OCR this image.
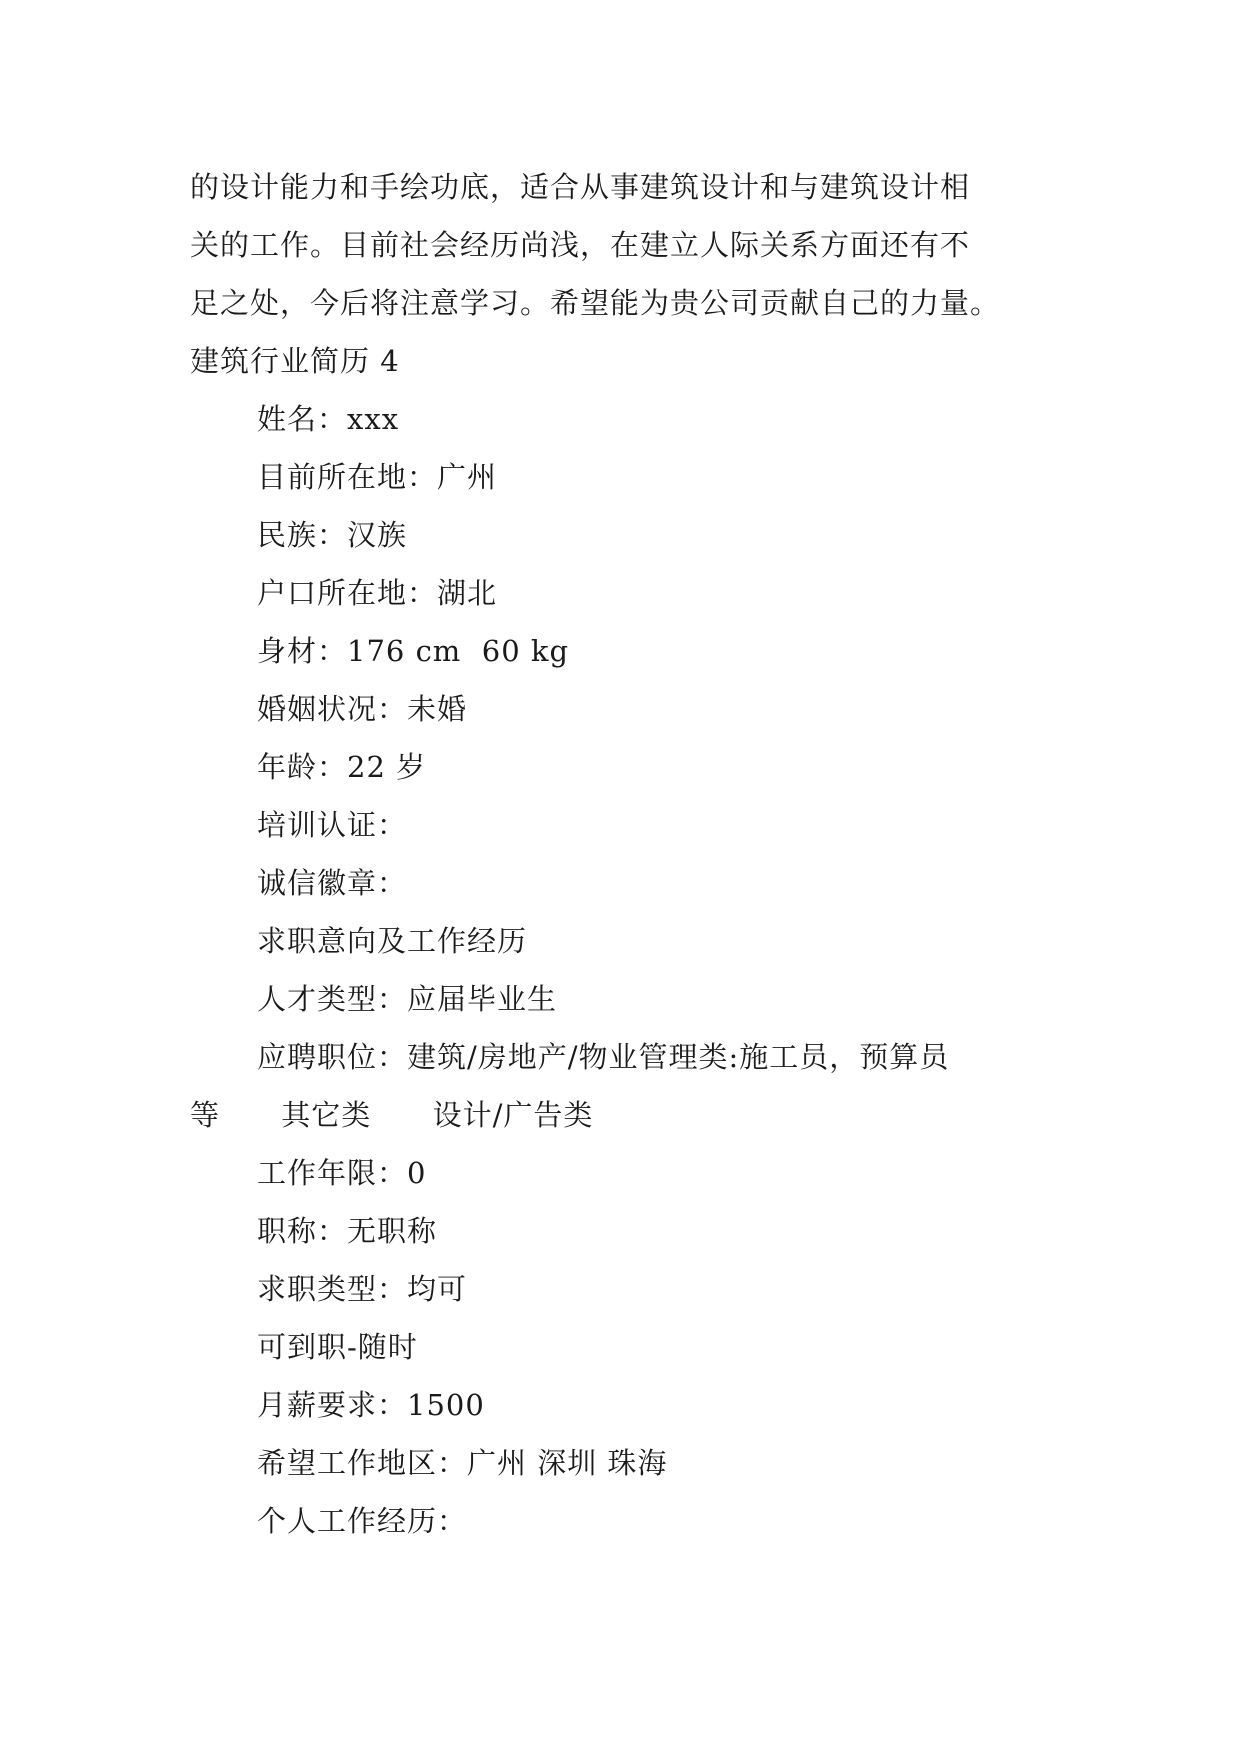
的设计能力和手绘功底，适合从事建筑设计和与建筑设计相
关的工作。目前社会经历尚浅，在建立人际关系方面还有不
足之处，今后将注意学习。希望能为贵公司贡献自己的力量。
建筑行业简历 4
姓名：xxx
目前所在地：广州
民族：汉族
户口所在地：湖北
身材：176 cm  60 kg
婚姻状况：未婚
年龄：22 岁
培训认证：
诚信徽章：
求职意向及工作经历
人才类型：应届毕业生
应聘职位：建筑/房地产/物业管理类:施工员，预算员
等      其它类      设计/广告类
工作年限：0
职称：无职称
求职类型：均可
可到职-随时
月薪要求：1500
希望工作地区：广州 深圳 珠海
个人工作经历：
